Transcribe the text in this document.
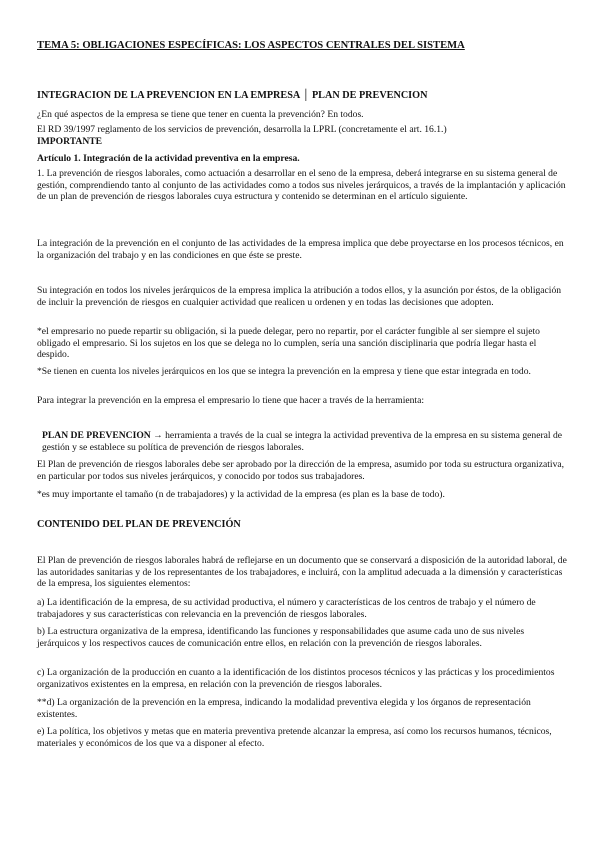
TEMA 5: OBLIGACIONES ESPECÍFICAS: LOS ASPECTOS CENTRALES DEL SISTEMA

INTEGRACION DE LA PREVENCION EN LA EMPRESA │ PLAN DE PREVENCION

¿En qué aspectos de la empresa se tiene que tener en cuenta la prevención? En todos.

El RD 39/1997 reglamento de los servicios de prevención, desarrolla la LPRL (concretamente el art. 16.1.)

IMPORTANTE

Artículo 1. Integración de la actividad preventiva en la empresa.

1. La prevención de riesgos laborales, como actuación a desarrollar en el seno de la empresa, deberá integrarse en su sistema general de gestión, comprendiendo tanto al conjunto de las actividades como a todos sus niveles jerárquicos, a través de la implantación y aplicación de un plan de prevención de riesgos laborales cuya estructura y contenido se determinan en el artículo siguiente.

La integración de la prevención en el conjunto de las actividades de la empresa implica que debe proyectarse en los procesos técnicos, en la organización del trabajo y en las condiciones en que éste se preste.

Su integración en todos los niveles jerárquicos de la empresa implica la atribución a todos ellos, y la asunción por éstos, de la obligación de incluir la prevención de riesgos en cualquier actividad que realicen u ordenen y en todas las decisiones que adopten.

*el empresario no puede repartir su obligación, si la puede delegar, pero no repartir, por el carácter fungible al ser siempre el sujeto obligado el empresario. Si los sujetos en los que se delega no lo cumplen, sería una sanción disciplinaria que podría llegar hasta el despido.

*Se tienen en cuenta los niveles jerárquicos en los que se integra la prevención en la empresa y tiene que estar integrada en todo.

Para integrar la prevención en la empresa el empresario lo tiene que hacer a través de la herramienta:

PLAN DE PREVENCION → herramienta a través de la cual se integra la actividad preventiva de la empresa en su sistema general de gestión y se establece su política de prevención de riesgos laborales.

El Plan de prevención de riesgos laborales debe ser aprobado por la dirección de la empresa, asumido por toda su estructura organizativa, en particular por todos sus niveles jerárquicos, y conocido por todos sus trabajadores.

*es muy importante el tamaño (n de trabajadores) y la actividad de la empresa (es plan es la base de todo).

CONTENIDO DEL PLAN DE PREVENCIÓN

El Plan de prevención de riesgos laborales habrá de reflejarse en un documento que se conservará a disposición de la autoridad laboral, de las autoridades sanitarias y de los representantes de los trabajadores, e incluirá, con la amplitud adecuada a la dimensión y características de la empresa, los siguientes elementos:

a) La identificación de la empresa, de su actividad productiva, el número y características de los centros de trabajo y el número de trabajadores y sus características con relevancia en la prevención de riesgos laborales.

b) La estructura organizativa de la empresa, identificando las funciones y responsabilidades que asume cada uno de sus niveles jerárquicos y los respectivos cauces de comunicación entre ellos, en relación con la prevención de riesgos laborales.

c) La organización de la producción en cuanto a la identificación de los distintos procesos técnicos y las prácticas y los procedimientos organizativos existentes en la empresa, en relación con la prevención de riesgos laborales.

**d) La organización de la prevención en la empresa, indicando la modalidad preventiva elegida y los órganos de representación existentes.

e) La política, los objetivos y metas que en materia preventiva pretende alcanzar la empresa, así como los recursos humanos, técnicos, materiales y económicos de los que va a disponer al efecto.
